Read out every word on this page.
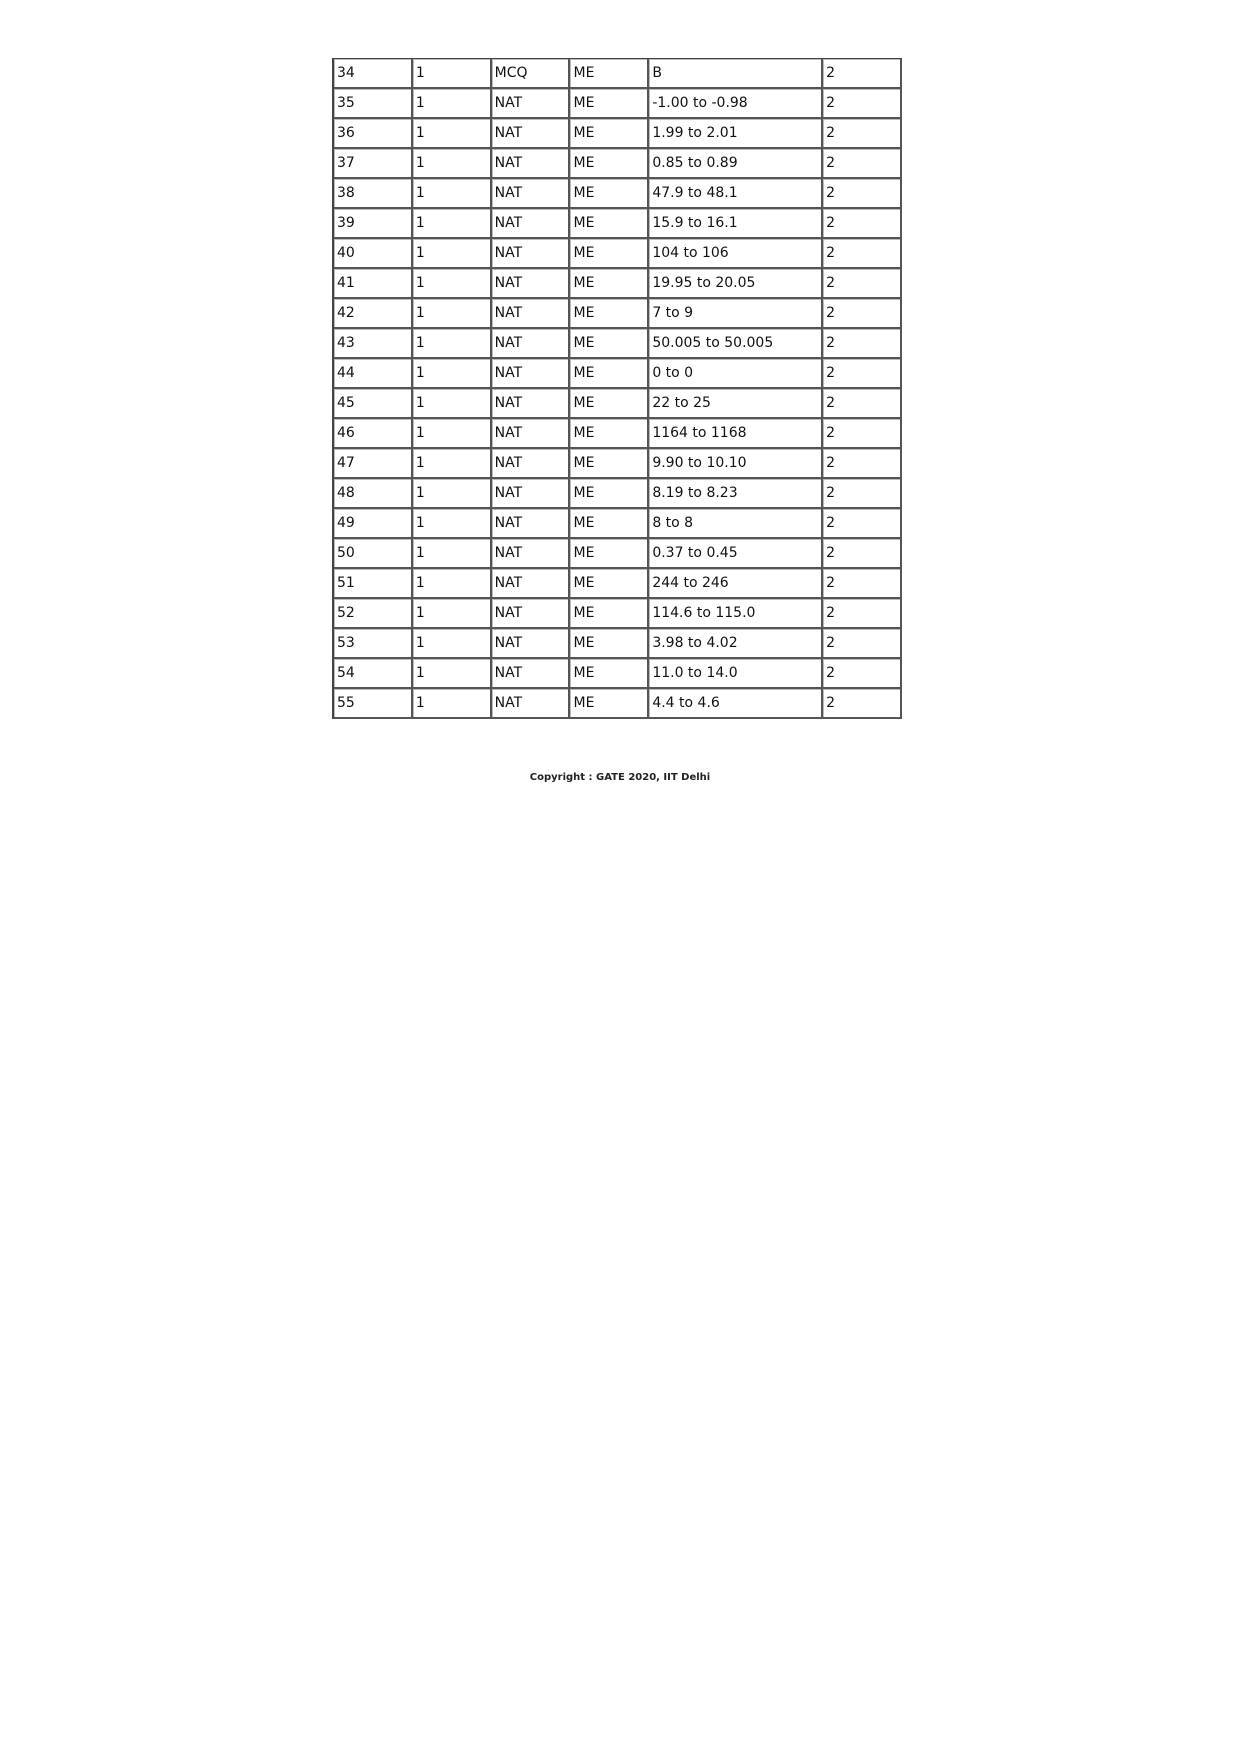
34	1	MCQ	ME	B	2
35	1	NAT	ME	-1.00 to -0.98	2
36	1	NAT	ME	1.99 to 2.01	2
37	1	NAT	ME	0.85 to 0.89	2
38	1	NAT	ME	47.9 to 48.1	2
39	1	NAT	ME	15.9 to 16.1	2
40	1	NAT	ME	104 to 106	2
41	1	NAT	ME	19.95 to 20.05	2
42	1	NAT	ME	7 to 9	2
43	1	NAT	ME	50.005 to 50.005	2
44	1	NAT	ME	0 to 0	2
45	1	NAT	ME	22 to 25	2
46	1	NAT	ME	1164 to 1168	2
47	1	NAT	ME	9.90 to 10.10	2
48	1	NAT	ME	8.19 to 8.23	2
49	1	NAT	ME	8 to 8	2
50	1	NAT	ME	0.37 to 0.45	2
51	1	NAT	ME	244 to 246	2
52	1	NAT	ME	114.6 to 115.0	2
53	1	NAT	ME	3.98 to 4.02	2
54	1	NAT	ME	11.0 to 14.0	2
55	1	NAT	ME	4.4 to 4.6	2
Copyright : GATE 2020, IIT Delhi
